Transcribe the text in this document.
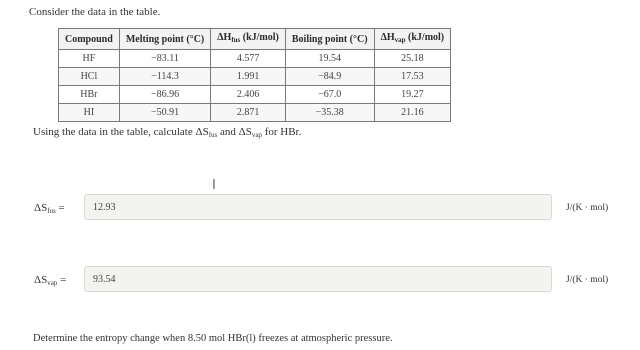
Consider the data in the table.
Compound	Melting point (°C)	$\Delta H_{fus}$ (kJ/mol)	Boiling point (°C)	$\Delta H_{vap}$ (kJ/mol)
HF	−83.11	4.577	19.54	25.18
HCl	−114.3	1.991	−84.9	17.53
HBr	−86.96	2.406	−67.0	19.27
HI	−50.91	2.871	−35.38	21.16
Using the data in the table, calculate $\Delta S_{fus}$ and $\Delta S_{vap}$ for HBr.
I
$\Delta S_{fus}$ =
12.93	J/(K · mol)
$\Delta S_{vap}$ =
93.54	J/(K · mol)
Determine the entropy change when 8.50 mol HBr(l) freezes at atmospheric pressure.
